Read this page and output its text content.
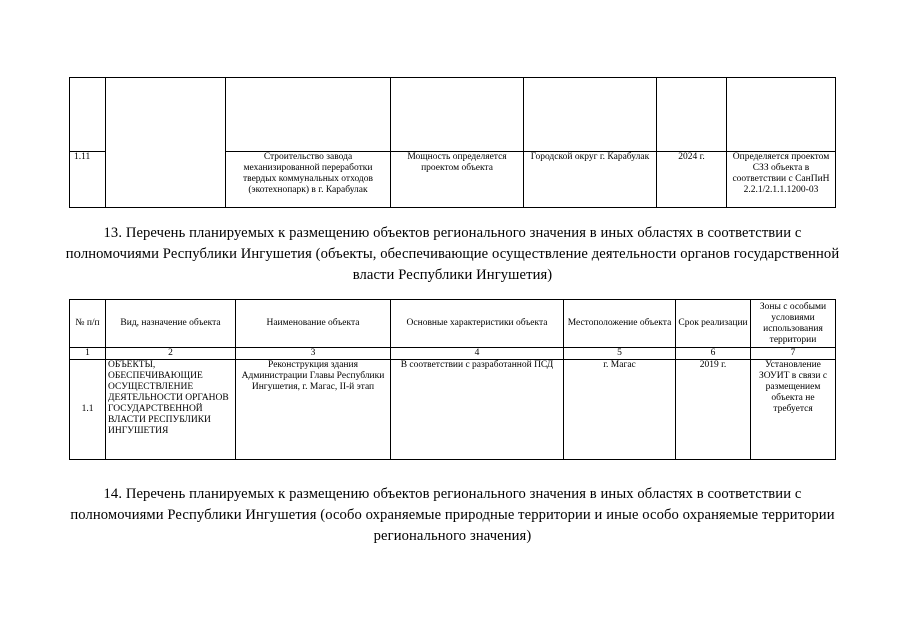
1.11		Строительство завода механизированной переработки твердых коммунальных отходов (экотехнопарк) в г. Карабулак	Мощность определяется проектом объекта	Городской округ г. Карабулак	2024 г.	Определяется проектом СЗЗ объекта в соответствии с СанПиН 2.2.1/2.1.1.1200-03
13. Перечень планируемых к размещению объектов регионального значения в иных областях в соответствии с полномочиями Республики Ингушетия (объекты, обеспечивающие осуществление деятельности органов государственной власти Республики Ингушетия)
№ п/п	Вид, назначение объекта	Наименование объекта	Основные характеристики объекта	Местоположение объекта	Срок реализации	Зоны с особыми условиями использования территории
1	2	3	4	5	6	7
1.1	ОБЪЕКТЫ, ОБЕСПЕЧИВАЮЩИЕ ОСУЩЕСТВЛЕНИЕ ДЕЯТЕЛЬНОСТИ ОРГАНОВ ГОСУДАРСТВЕННОЙ ВЛАСТИ РЕСПУБЛИКИ ИНГУШЕТИЯ	Реконструкция здания Администрации Главы Республики Ингушетия, г. Магас, II-й этап	В соответствии с разработанной ПСД	г. Магас	2019 г.	Установление ЗОУИТ в связи с размещением объекта не требуется
14. Перечень планируемых к размещению объектов регионального значения в иных областях в соответствии с полномочиями Республики Ингушетия (особо охраняемые природные территории и иные особо охраняемые территории регионального значения)
